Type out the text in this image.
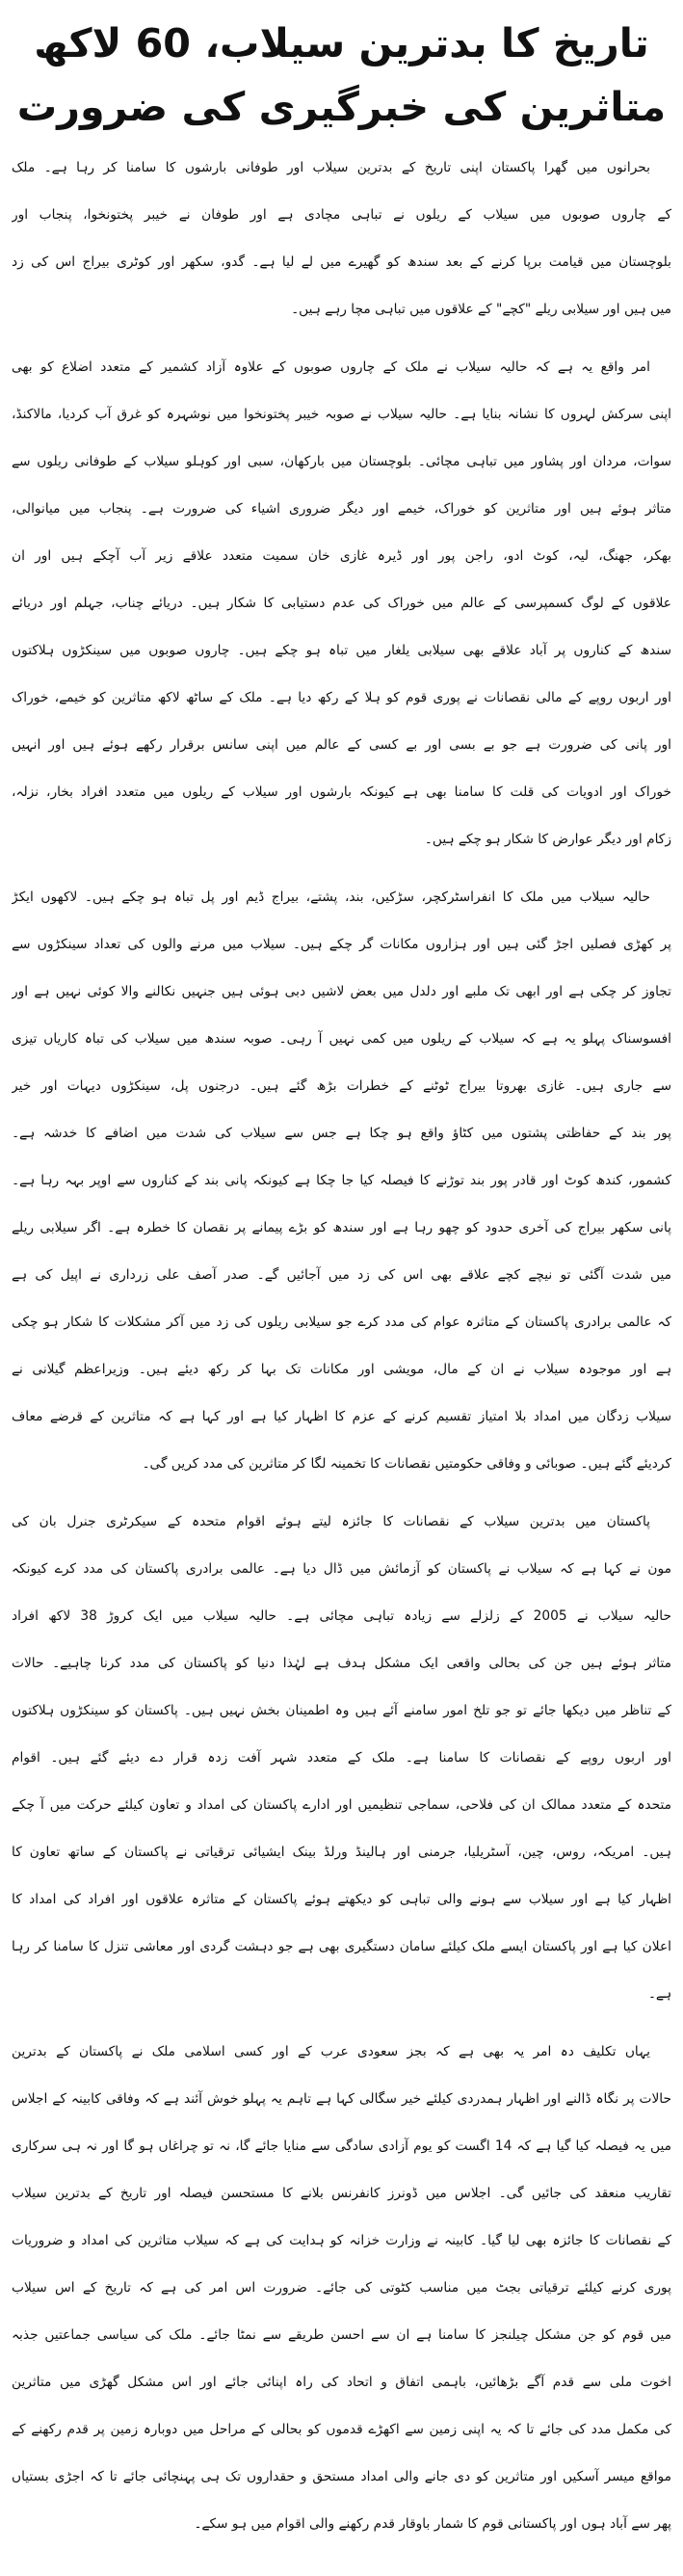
تاریخ کا بدترین سیلاب، 60 لاکھ
متاثرین کی خبرگیری کی ضرورت
بحرانوں میں گھرا پاکستان اپنی تاریخ کے بدترین سیلاب اور طوفانی بارشوں کا سامنا کر رہا ہے۔ ملک
کے چاروں صوبوں میں سیلاب کے ریلوں نے تباہی مچادی ہے اور طوفان نے خیبر پختونخوا، پنجاب اور
بلوچستان میں قیامت برپا کرنے کے بعد سندھ کو گھیرے میں لے لیا ہے۔ گدو، سکھر اور کوٹری بیراج اس کی زد
میں ہیں اور سیلابی ریلے "کچے" کے علاقوں میں تباہی مچا رہے ہیں۔
امر واقع یہ ہے کہ حالیہ سیلاب نے ملک کے چاروں صوبوں کے علاوہ آزاد کشمیر کے متعدد اضلاع کو بھی
اپنی سرکش لہروں کا نشانہ بنایا ہے۔ حالیہ سیلاب نے صوبہ خیبر پختونخوا میں نوشہرہ کو غرق آب کردیا، مالاکنڈ،
سوات، مردان اور پشاور میں تباہی مچائی۔ بلوچستان میں بارکھان، سبی اور کوہلو سیلاب کے طوفانی ریلوں سے
متاثر ہوئے ہیں اور متاثرین کو خوراک، خیمے اور دیگر ضروری اشیاء کی ضرورت ہے۔ پنجاب میں میانوالی،
بھکر، جھنگ، لیہ، کوٹ ادو، راجن پور اور ڈیرہ غازی خان سمیت متعدد علاقے زیر آب آچکے ہیں اور ان
علاقوں کے لوگ کسمپرسی کے عالم میں خوراک کی عدم دستیابی کا شکار ہیں۔ دریائے چناب، جہلم اور دریائے
سندھ کے کناروں پر آباد علاقے بھی سیلابی یلغار میں تباہ ہو چکے ہیں۔ چاروں صوبوں میں سینکڑوں ہلاکتوں
اور اربوں روپے کے مالی نقصانات نے پوری قوم کو ہلا کے رکھ دیا ہے۔ ملک کے ساٹھ لاکھ متاثرین کو خیمے، خوراک
اور پانی کی ضرورت ہے جو بے بسی اور بے کسی کے عالم میں اپنی سانس برقرار رکھے ہوئے ہیں اور انہیں
خوراک اور ادویات کی قلت کا سامنا بھی ہے کیونکہ بارشوں اور سیلاب کے ریلوں میں متعدد افراد بخار، نزلہ،
زکام اور دیگر عوارض کا شکار ہو چکے ہیں۔
حالیہ سیلاب میں ملک کا انفراسٹرکچر، سڑکیں، بند، پشتے، بیراج ڈیم اور پل تباہ ہو چکے ہیں۔ لاکھوں ایکڑ
پر کھڑی فصلیں اجڑ گئی ہیں اور ہزاروں مکانات گر چکے ہیں۔ سیلاب میں مرنے والوں کی تعداد سینکڑوں سے
تجاوز کر چکی ہے اور ابھی تک ملبے اور دلدل میں بعض لاشیں دبی ہوئی ہیں جنہیں نکالنے والا کوئی نہیں ہے اور
افسوسناک پہلو یہ ہے کہ سیلاب کے ریلوں میں کمی نہیں آ رہی۔ صوبہ سندھ میں سیلاب کی تباہ کاریاں تیزی
سے جاری ہیں۔ غازی بھروتا بیراج ٹوٹنے کے خطرات بڑھ گئے ہیں۔ درجنوں پل، سینکڑوں دیہات اور خیر
پور بند کے حفاظتی پشتوں میں کٹاؤ واقع ہو چکا ہے جس سے سیلاب کی شدت میں اضافے کا خدشہ ہے۔
کشمور، کندھ کوٹ اور قادر پور بند توڑنے کا فیصلہ کیا جا چکا ہے کیونکہ پانی بند کے کناروں سے اوپر بہہ رہا ہے۔
پانی سکھر بیراج کی آخری حدود کو چھو رہا ہے اور سندھ کو بڑے پیمانے پر نقصان کا خطرہ ہے۔ اگر سیلابی ریلے
میں شدت آگئی تو نیچے کچے علاقے بھی اس کی زد میں آجائیں گے۔ صدر آصف علی زرداری نے اپیل کی ہے
کہ عالمی برادری پاکستان کے متاثرہ عوام کی مدد کرے جو سیلابی ریلوں کی زد میں آکر مشکلات کا شکار ہو چکی
ہے اور موجودہ سیلاب نے ان کے مال، مویشی اور مکانات تک بہا کر رکھ دیئے ہیں۔ وزیراعظم گیلانی نے
سیلاب زدگان میں امداد بلا امتیاز تقسیم کرنے کے عزم کا اظہار کیا ہے اور کہا ہے کہ متاثرین کے قرضے معاف
کردیئے گئے ہیں۔ صوبائی و وفاقی حکومتیں نقصانات کا تخمینہ لگا کر متاثرین کی مدد کریں گی۔
پاکستان میں بدترین سیلاب کے نقصانات کا جائزہ لیتے ہوئے اقوام متحدہ کے سیکرٹری جنرل بان کی
مون نے کہا ہے کہ سیلاب نے پاکستان کو آزمائش میں ڈال دیا ہے۔ عالمی برادری پاکستان کی مدد کرے کیونکہ
حالیہ سیلاب نے 2005 کے زلزلے سے زیادہ تباہی مچائی ہے۔ حالیہ سیلاب میں ایک کروڑ 38 لاکھ افراد
متاثر ہوئے ہیں جن کی بحالی واقعی ایک مشکل ہدف ہے لہٰذا دنیا کو پاکستان کی مدد کرنا چاہیے۔ حالات
کے تناظر میں دیکھا جائے تو جو تلخ امور سامنے آئے ہیں وہ اطمینان بخش نہیں ہیں۔ پاکستان کو سینکڑوں ہلاکتوں
اور اربوں روپے کے نقصانات کا سامنا ہے۔ ملک کے متعدد شہر آفت زدہ قرار دے دیئے گئے ہیں۔ اقوام
متحدہ کے متعدد ممالک ان کی فلاحی، سماجی تنظیمیں اور ادارے پاکستان کی امداد و تعاون کیلئے حرکت میں آ چکے
ہیں۔ امریکہ، روس، چین، آسٹریلیا، جرمنی اور ہالینڈ ورلڈ بینک ایشیائی ترقیاتی نے پاکستان کے ساتھ تعاون کا
اظہار کیا ہے اور سیلاب سے ہونے والی تباہی کو دیکھتے ہوئے پاکستان کے متاثرہ علاقوں اور افراد کی امداد کا
اعلان کیا ہے اور پاکستان ایسے ملک کیلئے سامان دستگیری بھی ہے جو دہشت گردی اور معاشی تنزل کا سامنا کر رہا
ہے۔
یہاں تکلیف دہ امر یہ بھی ہے کہ بجز سعودی عرب کے اور کسی اسلامی ملک نے پاکستان کے بدترین
حالات پر نگاہ ڈالنے اور اظہار ہمدردی کیلئے خیر سگالی کہا ہے تاہم یہ پہلو خوش آئند ہے کہ وفاقی کابینہ کے اجلاس
میں یہ فیصلہ کیا گیا ہے کہ 14 اگست کو یوم آزادی سادگی سے منایا جائے گا، نہ تو چراغاں ہو گا اور نہ ہی سرکاری
تقاریب منعقد کی جائیں گی۔ اجلاس میں ڈونرز کانفرنس بلانے کا مستحسن فیصلہ اور تاریخ کے بدترین سیلاب
کے نقصانات کا جائزہ بھی لیا گیا۔ کابینہ نے وزارت خزانہ کو ہدایت کی ہے کہ سیلاب متاثرین کی امداد و ضروریات
پوری کرنے کیلئے ترقیاتی بجٹ میں مناسب کٹوتی کی جائے۔ ضرورت اس امر کی ہے کہ تاریخ کے اس سیلاب
میں قوم کو جن مشکل چیلنجز کا سامنا ہے ان سے احسن طریقے سے نمٹا جائے۔ ملک کی سیاسی جماعتیں جذبہ
اخوت ملی سے قدم آگے بڑھائیں، باہمی اتفاق و اتحاد کی راہ اپنائی جائے اور اس مشکل گھڑی میں متاثرین
کی مکمل مدد کی جائے تا کہ یہ اپنی زمین سے اکھڑے قدموں کو بحالی کے مراحل میں دوبارہ زمین پر قدم رکھنے کے
مواقع میسر آسکیں اور متاثرین کو دی جانے والی امداد مستحق و حقداروں تک ہی پہنچائی جائے تا کہ اجڑی بستیاں
پھر سے آباد ہوں اور پاکستانی قوم کا شمار باوقار قدم رکھنے والی اقوام میں ہو سکے۔
